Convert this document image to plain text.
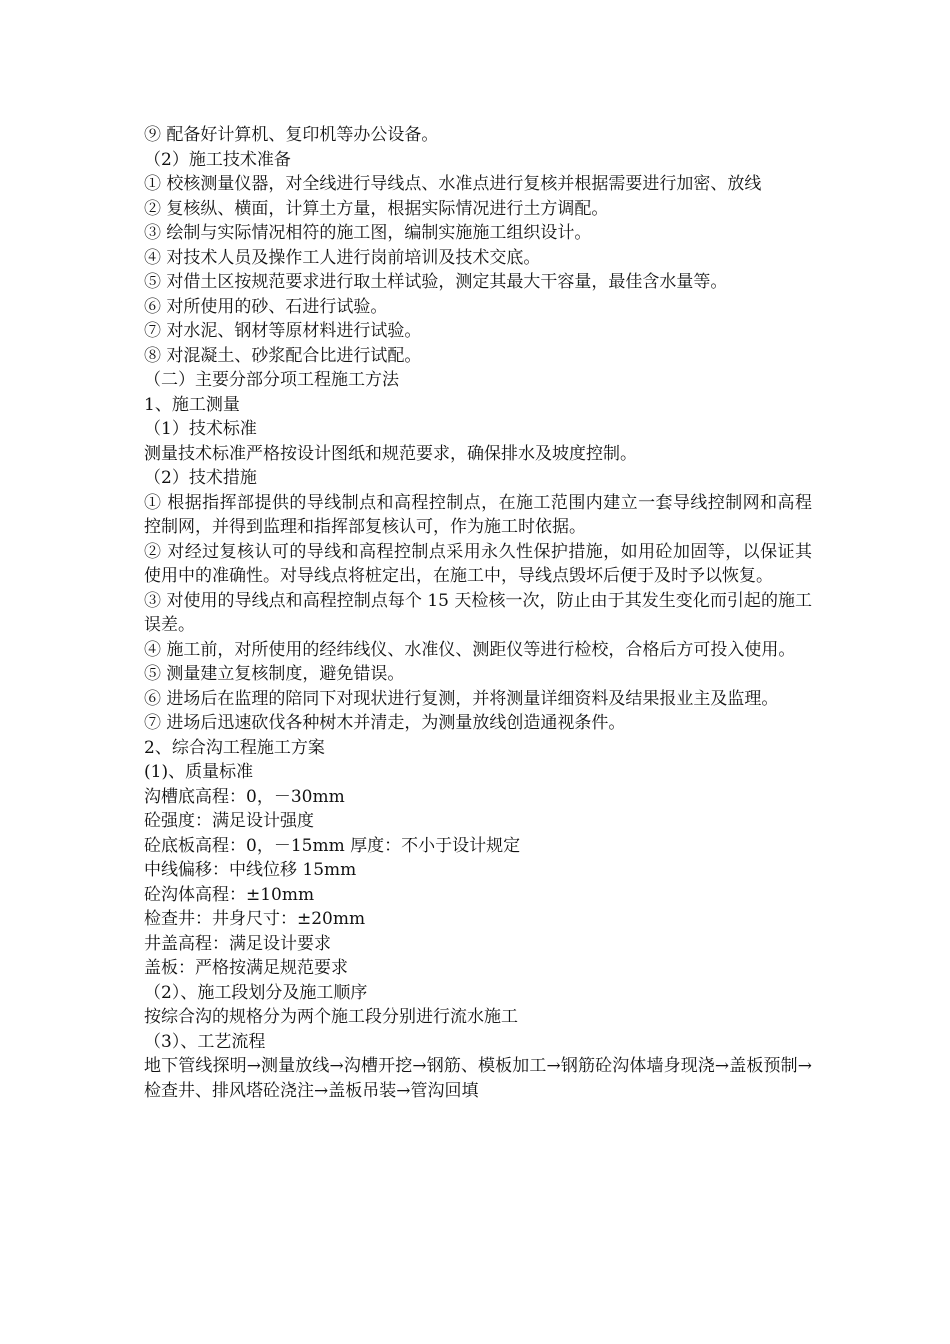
⑨ 配备好计算机、复印机等办公设备。

（2）施工技术准备

① 校核测量仪器，对全线进行导线点、水准点进行复核并根据需要进行加密、放线

② 复核纵、横面，计算土方量，根据实际情况进行土方调配。

③ 绘制与实际情况相符的施工图，编制实施施工组织设计。

④ 对技术人员及操作工人进行岗前培训及技术交底。

⑤ 对借土区按规范要求进行取土样试验，测定其最大干容量，最佳含水量等。

⑥ 对所使用的砂、石进行试验。

⑦ 对水泥、钢材等原材料进行试验。

⑧ 对混凝土、砂浆配合比进行试配。

（二）主要分部分项工程施工方法

1、施工测量

（1）技术标准

测量技术标准严格按设计图纸和规范要求，确保排水及坡度控制。

（2）技术措施

① 根据指挥部提供的导线制点和高程控制点，在施工范围内建立一套导线控制网和高程控制网，并得到监理和指挥部复核认可，作为施工时依据。

② 对经过复核认可的导线和高程控制点采用永久性保护措施，如用砼加固等，以保证其使用中的准确性。对导线点将桩定出，在施工中，导线点毁坏后便于及时予以恢复。

③ 对使用的导线点和高程控制点每个 15 天检核一次，防止由于其发生变化而引起的施工误差。

④ 施工前，对所使用的经纬线仪、水准仪、测距仪等进行检校，合格后方可投入使用。

⑤ 测量建立复核制度，避免错误。

⑥ 进场后在监理的陪同下对现状进行复测，并将测量详细资料及结果报业主及监理。

⑦ 进场后迅速砍伐各种树木并清走，为测量放线创造通视条件。

2、综合沟工程施工方案

(1)、质量标准

沟槽底高程：0，－30mm

砼强度：满足设计强度

砼底板高程：0，－15mm 厚度：不小于设计规定

中线偏移：中线位移 15mm

砼沟体高程：±10mm

检查井：井身尺寸：±20mm

井盖高程：满足设计要求

盖板：严格按满足规范要求

（2）、施工段划分及施工顺序

按综合沟的规格分为两个施工段分别进行流水施工

（3）、工艺流程

地下管线探明→测量放线→沟槽开挖→钢筋、模板加工→钢筋砼沟体墙身现浇→盖板预制→检查井、排风塔砼浇注→盖板吊装→管沟回填
